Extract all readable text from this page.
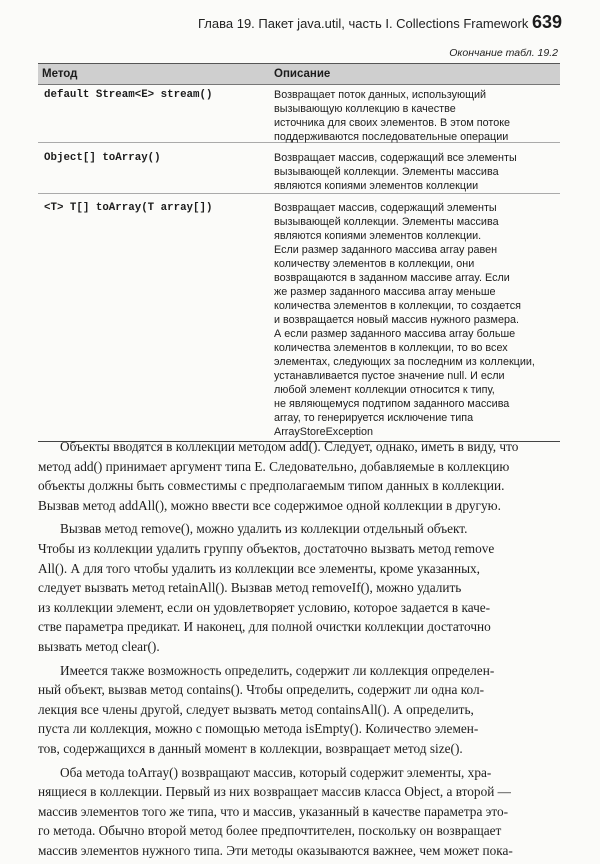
Глава 19. Пакет java.util, часть I. Collections Framework 639
Окончание табл. 19.2
Метод	Описание
default Stream<E> stream()	Возвращает поток данных, использующий
вызывающую коллекцию в качестве
источника для своих элементов. В этом потоке
поддерживаются последовательные операции
Object[] toArray()	Возвращает массив, содержащий все элементы
вызывающей коллекции. Элементы массива
являются копиями элементов коллекции
<T> T[] toArray(T array[])	Возвращает массив, содержащий элементы
вызывающей коллекции. Элементы массива
являются копиями элементов коллекции.
Если размер заданного массива array равен
количеству элементов в коллекции, они
возвращаются в заданном массиве array. Если
же размер заданного массива array меньше
количества элементов в коллекции, то создается
и возвращается новый массив нужного размера.
А если размер заданного массива array больше
количества элементов в коллекции, то во всех
элементах, следующих за последним из коллекции,
устанавливается пустое значение null. И если
любой элемент коллекции относится к типу,
не являющемуся подтипом заданного массива
array, то генерируется исключение типа
ArrayStoreException

Объекты вводятся в коллекции методом add(). Следует, однако, иметь в виду, что
метод add() принимает аргумент типа E. Следовательно, добавляемые в коллекцию
объекты должны быть совместимы с предполагаемым типом данных в коллекции.
Вызвав метод addAll(), можно ввести все содержимое одной коллекции в другую.

Вызвав метод remove(), можно удалить из коллекции отдельный объект.
Чтобы из коллекции удалить группу объектов, достаточно вызвать метод remove
All(). А для того чтобы удалить из коллекции все элементы, кроме указанных,
следует вызвать метод retainAll(). Вызвав метод removeIf(), можно удалить
из коллекции элемент, если он удовлетворяет условию, которое задается в каче-
стве параметра предикат. И наконец, для полной очистки коллекции достаточно
вызвать метод clear().

Имеется также возможность определить, содержит ли коллекция определен-
ный объект, вызвав метод contains(). Чтобы определить, содержит ли одна кол-
лекция все члены другой, следует вызвать метод containsAll(). А определить,
пуста ли коллекция, можно с помощью метода isEmpty(). Количество элемен-
тов, содержащихся в данный момент в коллекции, возвращает метод size().

Оба метода toArray() возвращают массив, который содержит элементы, хра-
нящиеся в коллекции. Первый из них возвращает массив класса Object, а второй —
массив элементов того же типа, что и массив, указанный в качестве параметра это-
го метода. Обычно второй метод более предпочтителен, поскольку он возвращает
массив элементов нужного типа. Эти методы оказываются важнее, чем может пока-
